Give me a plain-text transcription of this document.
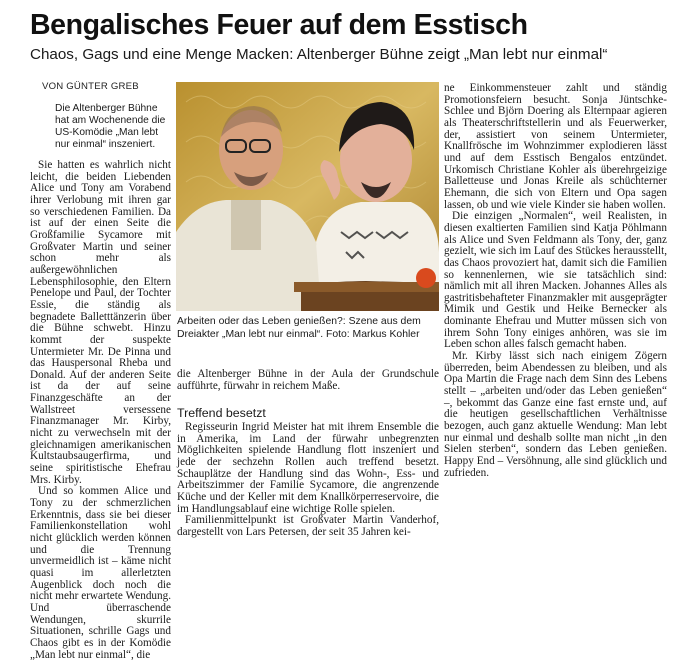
Bengalisches Feuer auf dem Esstisch
Chaos, Gags und eine Menge Macken: Altenberger Bühne zeigt „Man lebt nur einmal“
VON GÜNTER GREB
Die Altenberger Bühne hat am Wochenende die US-Komödie „Man lebt nur einmal“ inszeniert.

Sie hatten es wahrlich nicht leicht, die beiden Liebenden Alice und Tony am Vorabend ihrer Verlobung mit ihren gar so verschiedenen Familien. Da ist auf der einen Seite die Großfamilie Sycamore mit Großvater Martin und seiner schon mehr als außergewöhnlichen Lebensphilosophie, den Eltern Penelope und Paul, der Tochter Essie, die ständig als begnadete Balletttänzerin über die Bühne schwebt. Hinzu kommt der suspekte Untermieter Mr. De Pinna und das Hauspersonal Rheba und Donald. Auf der anderen Seite ist da der auf seine Finanzgeschäfte an der Wallstreet versessene Finanzmanager Mr. Kirby, nicht zu verwechseln mit der gleichnamigen amerikanischen Kultstaubsaugerfirma, und seine spiritistische Ehefrau Mrs. Kirby.

Und so kommen Alice und Tony zu der schmerzlichen Erkenntnis, dass sie bei dieser Familienkonstellation wohl nicht glücklich werden können und die Trennung unvermeidlich ist – käme nicht quasi im allerletzten Augenblick doch noch die nicht mehr erwartete Wendung. Und überraschende Wendungen, skurrile Situationen, schrille Gags und Chaos gibt es in der Komödie „Man lebt nur einmal“, die

Arbeiten oder das Leben genießen?: Szene aus dem Dreiakter „Man lebt nur einmal“. Foto: Markus Kohler

die Altenberger Bühne in der Aula der Grundschule aufführte, fürwahr in reichem Maße.

Treffend besetzt

Regisseurin Ingrid Meister hat mit ihrem Ensemble die in Amerika, im Land der fürwahr unbegrenzten Möglichkeiten spielende Handlung flott inszeniert und jede der sechzehn Rollen auch treffend besetzt. Schauplätze der Handlung sind das Wohn-, Ess- und Arbeitszimmer der Familie Sycamore, die angrenzende Küche und der Keller mit dem Knallkörperreservoire, die im Handlungsablauf eine wichtige Rolle spielen.

Familienmittelpunkt ist Großvater Martin Vanderhof, dargestellt von Lars Petersen, der seit 35 Jahren kei-

ne Einkommensteuer zahlt und ständig Promotionsfeiern besucht. Sonja Jüntschke-Schlee und Björn Doering als Elternpaar agieren als Theaterschriftstellerin und als Feuerwerker, der, assistiert von seinem Untermieter, Knallfrösche im Wohnzimmer explodieren lässt und auf dem Esstisch Bengalos entzündet. Urkomisch Christiane Kohler als überehrgeizige Balletteuse und Jonas Kreile als schüchterner Ehemann, die sich von Eltern und Opa sagen lassen, ob und wie viele Kinder sie haben wollen.

Die einzigen „Normalen“, weil Realisten, in diesen exaltierten Familien sind Katja Pöhlmann als Alice und Sven Feldmann als Tony, der, ganz gezielt, wie sich im Lauf des Stückes herausstellt, das Chaos provoziert hat, damit sich die Familien so kennenlernen, wie sie tatsächlich sind: nämlich mit all ihren Macken. Johannes Alles als gastritisbehafteter Finanzmakler mit ausgeprägter Mimik und Gestik und Heike Bernecker als dominante Ehefrau und Mutter müssen sich von ihrem Sohn Tony einiges anhören, was sie im Leben schon alles falsch gemacht haben.

Mr. Kirby lässt sich nach einigem Zögern überreden, beim Abendessen zu bleiben, und als Opa Martin die Frage nach dem Sinn des Lebens stellt – „arbeiten und/oder das Leben genießen“ –, bekommt das Ganze eine fast ernste und, auf die heutigen gesellschaftlichen Verhältnisse bezogen, auch ganz aktuelle Wendung: Man lebt nur einmal und deshalb sollte man nicht „in den Sielen sterben“, sondern das Leben genießen. Happy End – Versöhnung, alle sind glücklich und zufrieden.
